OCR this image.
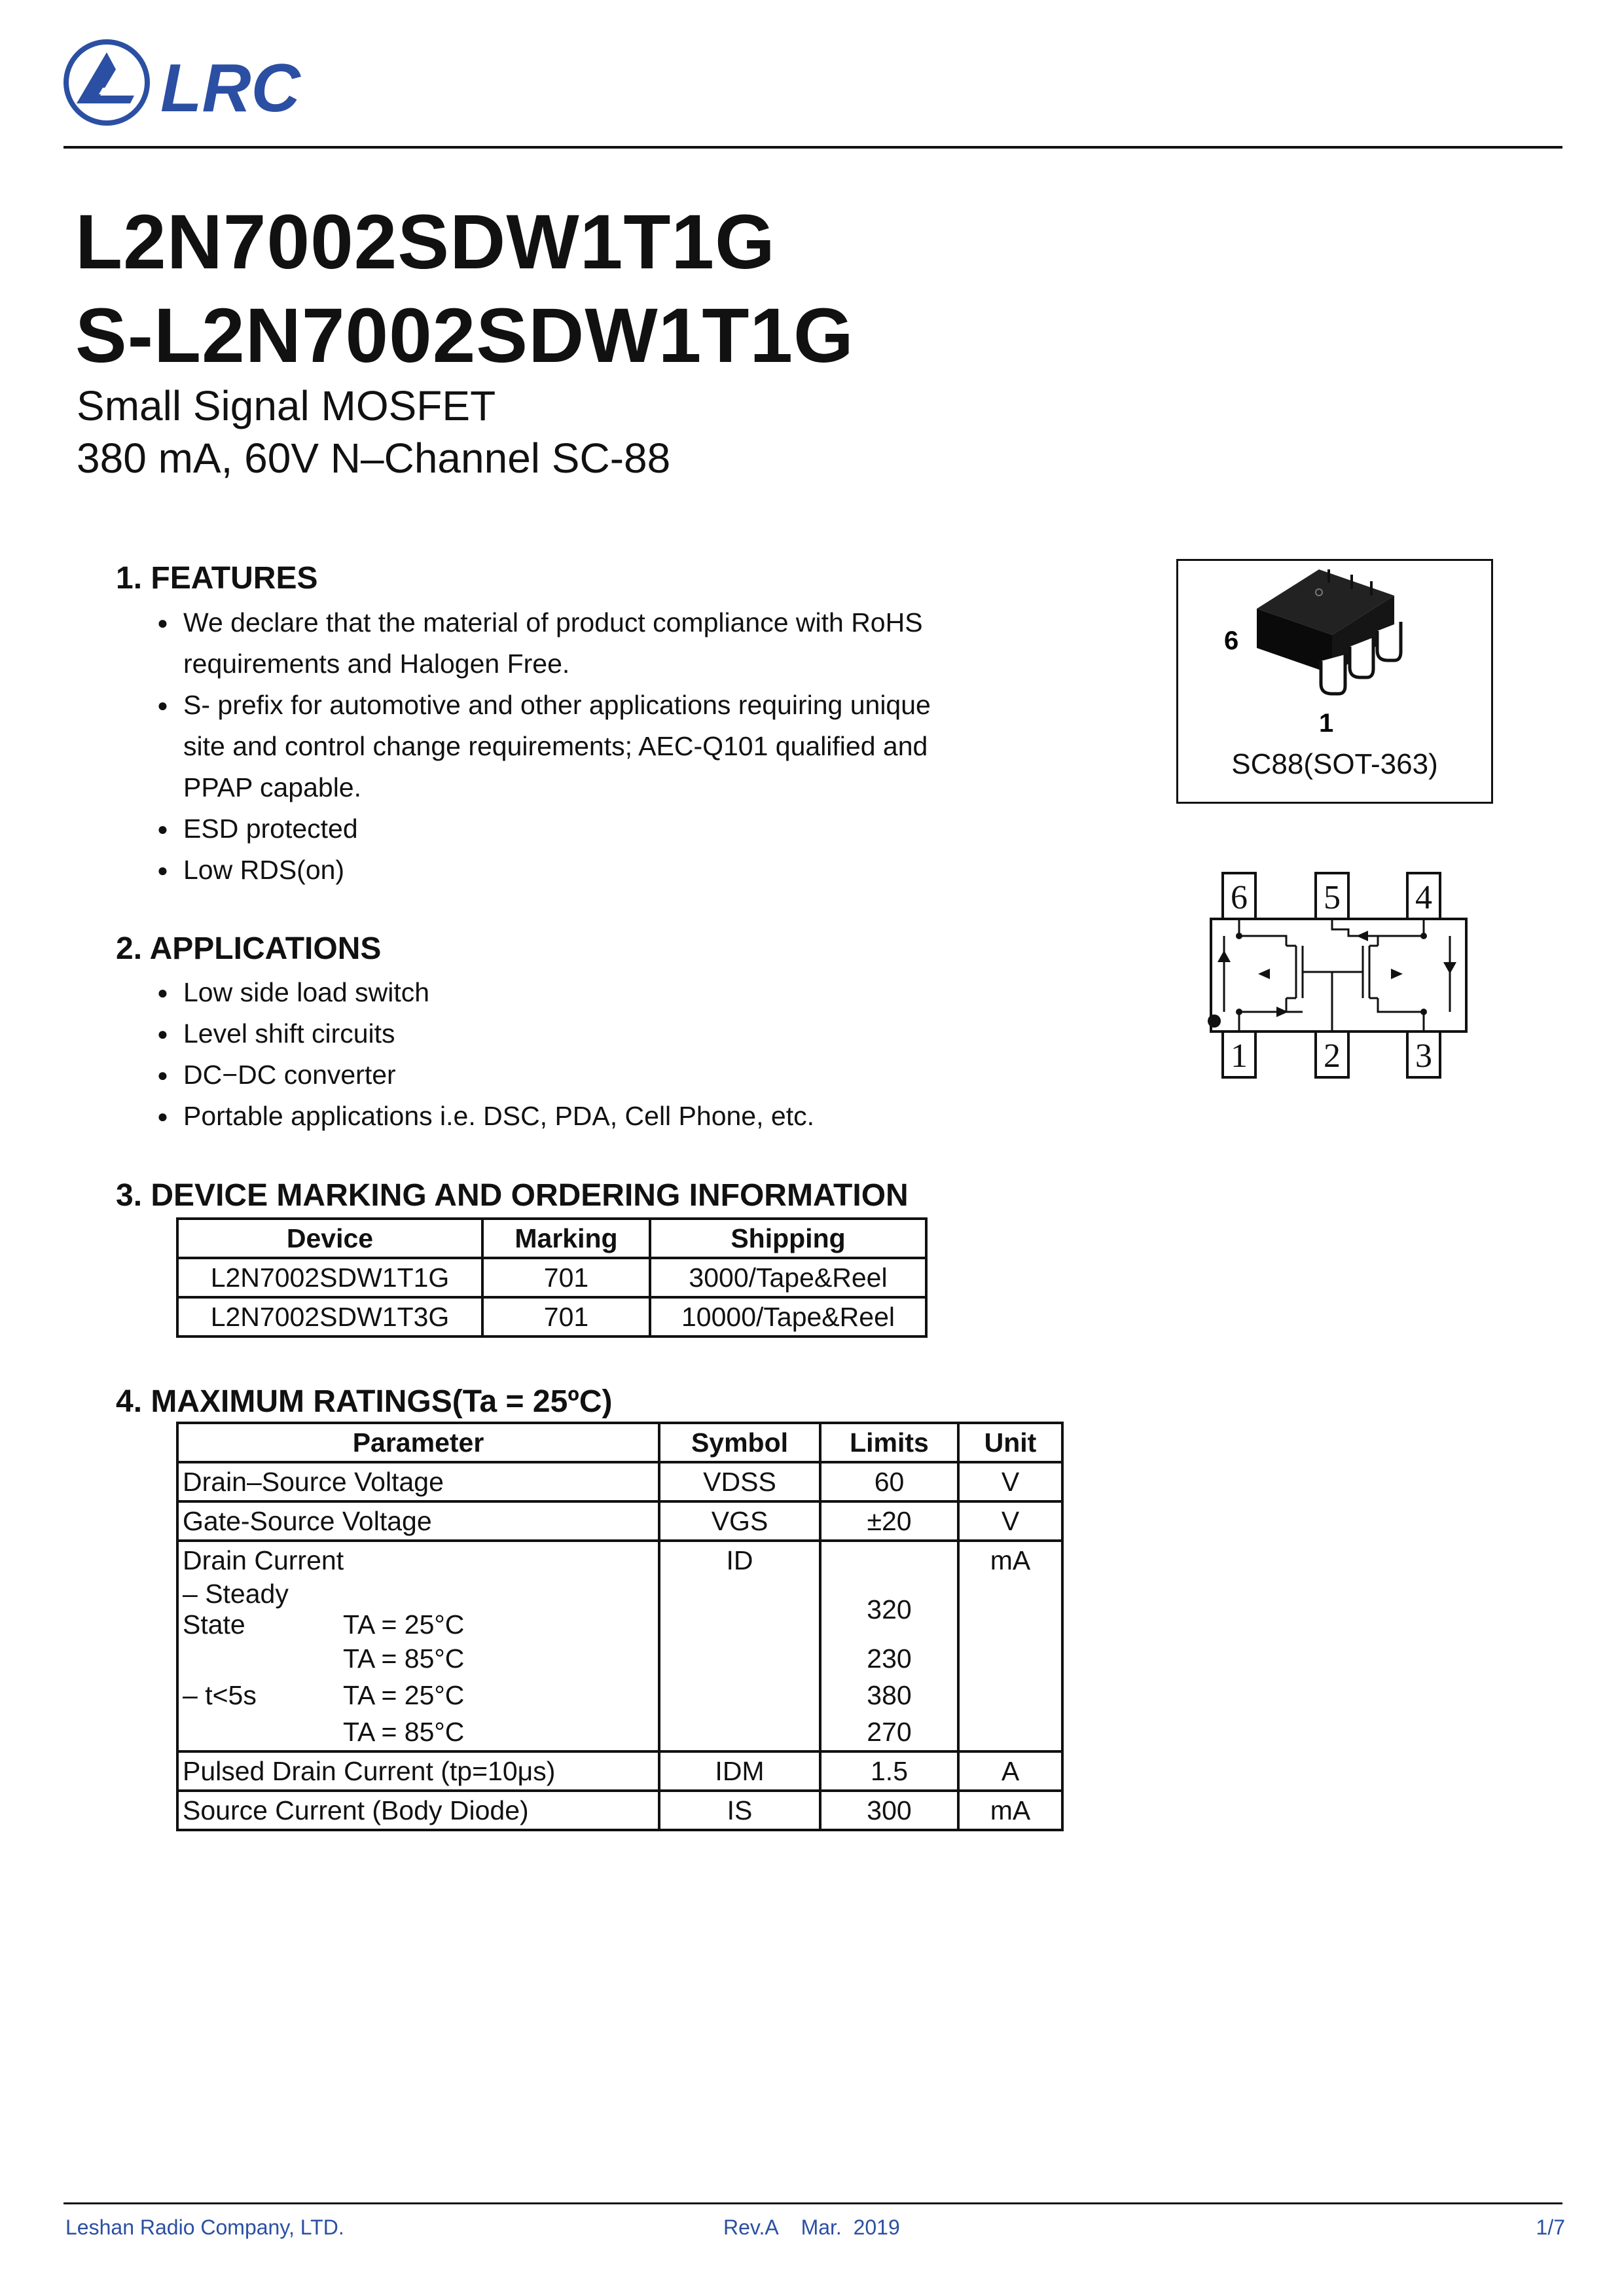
LRC
L2N7002SDW1T1G
S-L2N7002SDW1T1G
Small Signal MOSFET
380 mA, 60V N–Channel SC-88
1. FEATURES
● We declare that the material of product compliance with RoHS requirements and Halogen Free.
● S- prefix for automotive and other applications requiring unique site and control change requirements; AEC-Q101 qualified and PPAP capable.
● ESD protected
● Low RDS(on)
6
1
SC88(SOT-363)
6 5 4
1 2 3
2. APPLICATIONS
● Low side load switch
● Level shift circuits
● DC−DC converter
● Portable applications i.e. DSC, PDA, Cell Phone, etc.
3. DEVICE MARKING AND ORDERING INFORMATION
Device	Marking	Shipping
L2N7002SDW1T1G	701	3000/Tape&Reel
L2N7002SDW1T3G	701	10000/Tape&Reel
4. MAXIMUM RATINGS(Ta = 25ºC)
Parameter	Symbol	Limits	Unit
Drain–Source Voltage	VDSS	60	V
Gate-Source Voltage	VGS	±20	V
Drain Current	ID		mA
– Steady State TA = 25°C		320	
TA = 85°C		230	
– t<5s TA = 25°C		380	
TA = 85°C		270	
Pulsed Drain Current (tp=10μs)	IDM	1.5	A
Source Current (Body Diode)	IS	300	mA
Leshan Radio Company, LTD.	Rev.A    Mar.  2019	1/7
